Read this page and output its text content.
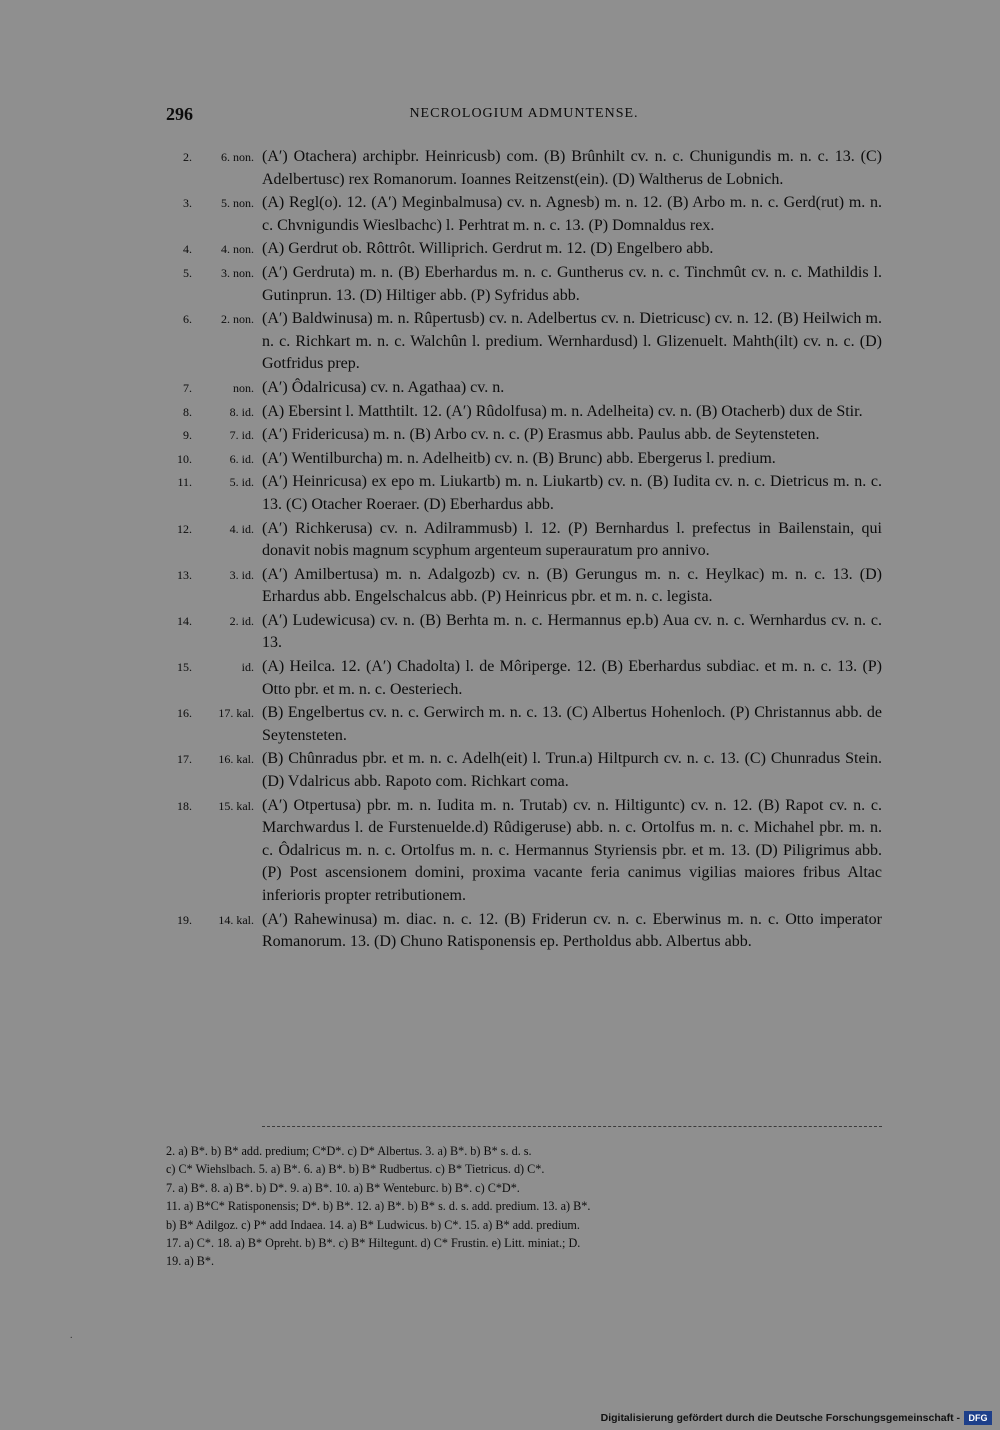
296	NECROLOGIUM ADMUNTENSE.
2.	6. non. (A′) Otachera) archipbr. Heinricusb) com. (B) Brûnhilt cv. n. c. Chunigundis m. n. c. 13. (C) Adelbertusc) rex Romanorum. Ioannes Reitzenst(ein). (D) Waltherus de Lobnich.
3.	5. non. (A) Regl(o). 12. (A′) Meginbalmusa) cv. n. Agnesb) m. n. 12. (B) Arbo m. n. c. Gerd(rut) m. n. c. Chvnigundis Wieslbachc) l. Perhtrat m. n. c. 13. (P) Domnaldus rex.
4.	4. non. (A) Gerdrut ob. Rôttrôt. Williprich. Gerdrut m. 12. (D) Engelbero abb.
5.	3. non. (A′) Gerdruta) m. n. (B) Eberhardus m. n. c. Guntherus cv. n. c. Tinchmût cv. n. c. Mathildis l. Gutinprun. 13. (D) Hiltiger abb. (P) Syfridus abb.
6.	2. non. (A′) Baldwinusa) m. n. Rûpertusb) cv. n. Adelbertus cv. n. Dietricusc) cv. n. 12. (B) Heilwich m. n. c. Richkart m. n. c. Walchûn l. predium. Wernhardusd) l. Glizenuelt. Mahth(ilt) cv. n. c. (D) Gotfridus prep.
7.	non. (A′) Ôdalricusa) cv. n. Agathaa) cv. n.
8.	8. id. (A) Ebersint l. Matthtilt. 12. (A′) Rûdolfusa) m. n. Adelheita) cv. n. (B) Otacherb) dux de Stir.
9.	7. id. (A′) Fridericusa) m. n. (B) Arbo cv. n. c. (P) Erasmus abb. Paulus abb. de Seytensteten.
10.	6. id. (A′) Wentilburcha) m. n. Adelheitb) cv. n. (B) Brunc) abb. Ebergerus l. predium.
11.	5. id. (A′) Heinricusa) ex epo m. Liukartb) m. n. Liukartb) cv. n. (B) Iudita cv. n. c. Dietricus m. n. c. 13. (C) Otacher Roeraer. (D) Eberhardus abb.
12.	4. id. (A′) Richkerusa) cv. n. Adilrammusb) l. 12. (P) Bernhardus l. prefectus in Bailenstain, qui donavit nobis magnum scyphum argenteum superauratum pro annivo.
13.	3. id. (A′) Amilbertusa) m. n. Adalgozb) cv. n. (B) Gerungus m. n. c. Heylkac) m. n. c. 13. (D) Erhardus abb. Engelschalcus abb. (P) Heinricus pbr. et m. n. c. legista.
14.	2. id. (A′) Ludewicusa) cv. n. (B) Berhta m. n. c. Hermannus ep.b) Aua cv. n. c. Wernhardus cv. n. c. 13.
15.	id. (A) Heilca. 12. (A′) Chadolta) l. de Môriperge. 12. (B) Eberhardus subdiac. et m. n. c. 13. (P) Otto pbr. et m. n. c. Oesteriech.
16.	17. kal. (B) Engelbertus cv. n. c. Gerwirch m. n. c. 13. (C) Albertus Hohenloch. (P) Christannus abb. de Seytensteten.
17.	16. kal. (B) Chûnradus pbr. et m. n. c. Adelh(eit) l. Trun.a) Hiltpurch cv. n. c. 13. (C) Chunradus Stein. (D) Vdalricus abb. Rapoto com. Richkart coma.
18.	15. kal. (A′) Otpertusa) pbr. m. n. Iudita m. n. Trutab) cv. n. Hiltiguntc) cv. n. 12. (B) Rapot cv. n. c. Marchwardus l. de Furstenuelde.d) Rûdigeruse) abb. n. c. Ortolfus m. n. c. Michahel pbr. m. n. c. Ôdalricus m. n. c. Ortolfus m. n. c. Hermannus Styriensis pbr. et m. 13. (D) Piligrimus abb. (P) Post ascensionem domini, proxima vacante feria canimus vigilias maiores fribus Altac inferioris propter retributionem.
19.	14. kal. (A′) Rahewinusa) m. diac. n. c. 12. (B) Friderun cv. n. c. Eberwinus m. n. c. Otto imperator Romanorum. 13. (D) Chuno Ratisponensis ep. Pertholdus abb. Albertus abb.

2. a) B*. b) B* add. predium; C*D*. c) D* Albertus. 3. a) B*. b) B* s. d. s.

c) C* Wiehslbach. 5. a) B*. 6. a) B*. b) B* Rudbertus. c) B* Tietricus. d) C*.

7. a) B*. 8. a) B*. b) D*. 9. a) B*. 10. a) B* Wenteburc. b) B*. c) C*D*.

11. a) B*C* Ratisponensis; D*. b) B*. 12. a) B*. b) B* s. d. s. add. predium. 13. a) B*.

b) B* Adilgoz. c) P* add Indaea. 14. a) B* Ludwicus. b) C*. 15. a) B* add. predium.

17. a) C*. 18. a) B* Opreht. b) B*. c) B* Hiltegunt. d) C* Frustin. e) Litt. miniat.; D.

19. a) B*.

.
Digitalisierung gefördert durch die Deutsche Forschungsgemeinschaft - DFG
